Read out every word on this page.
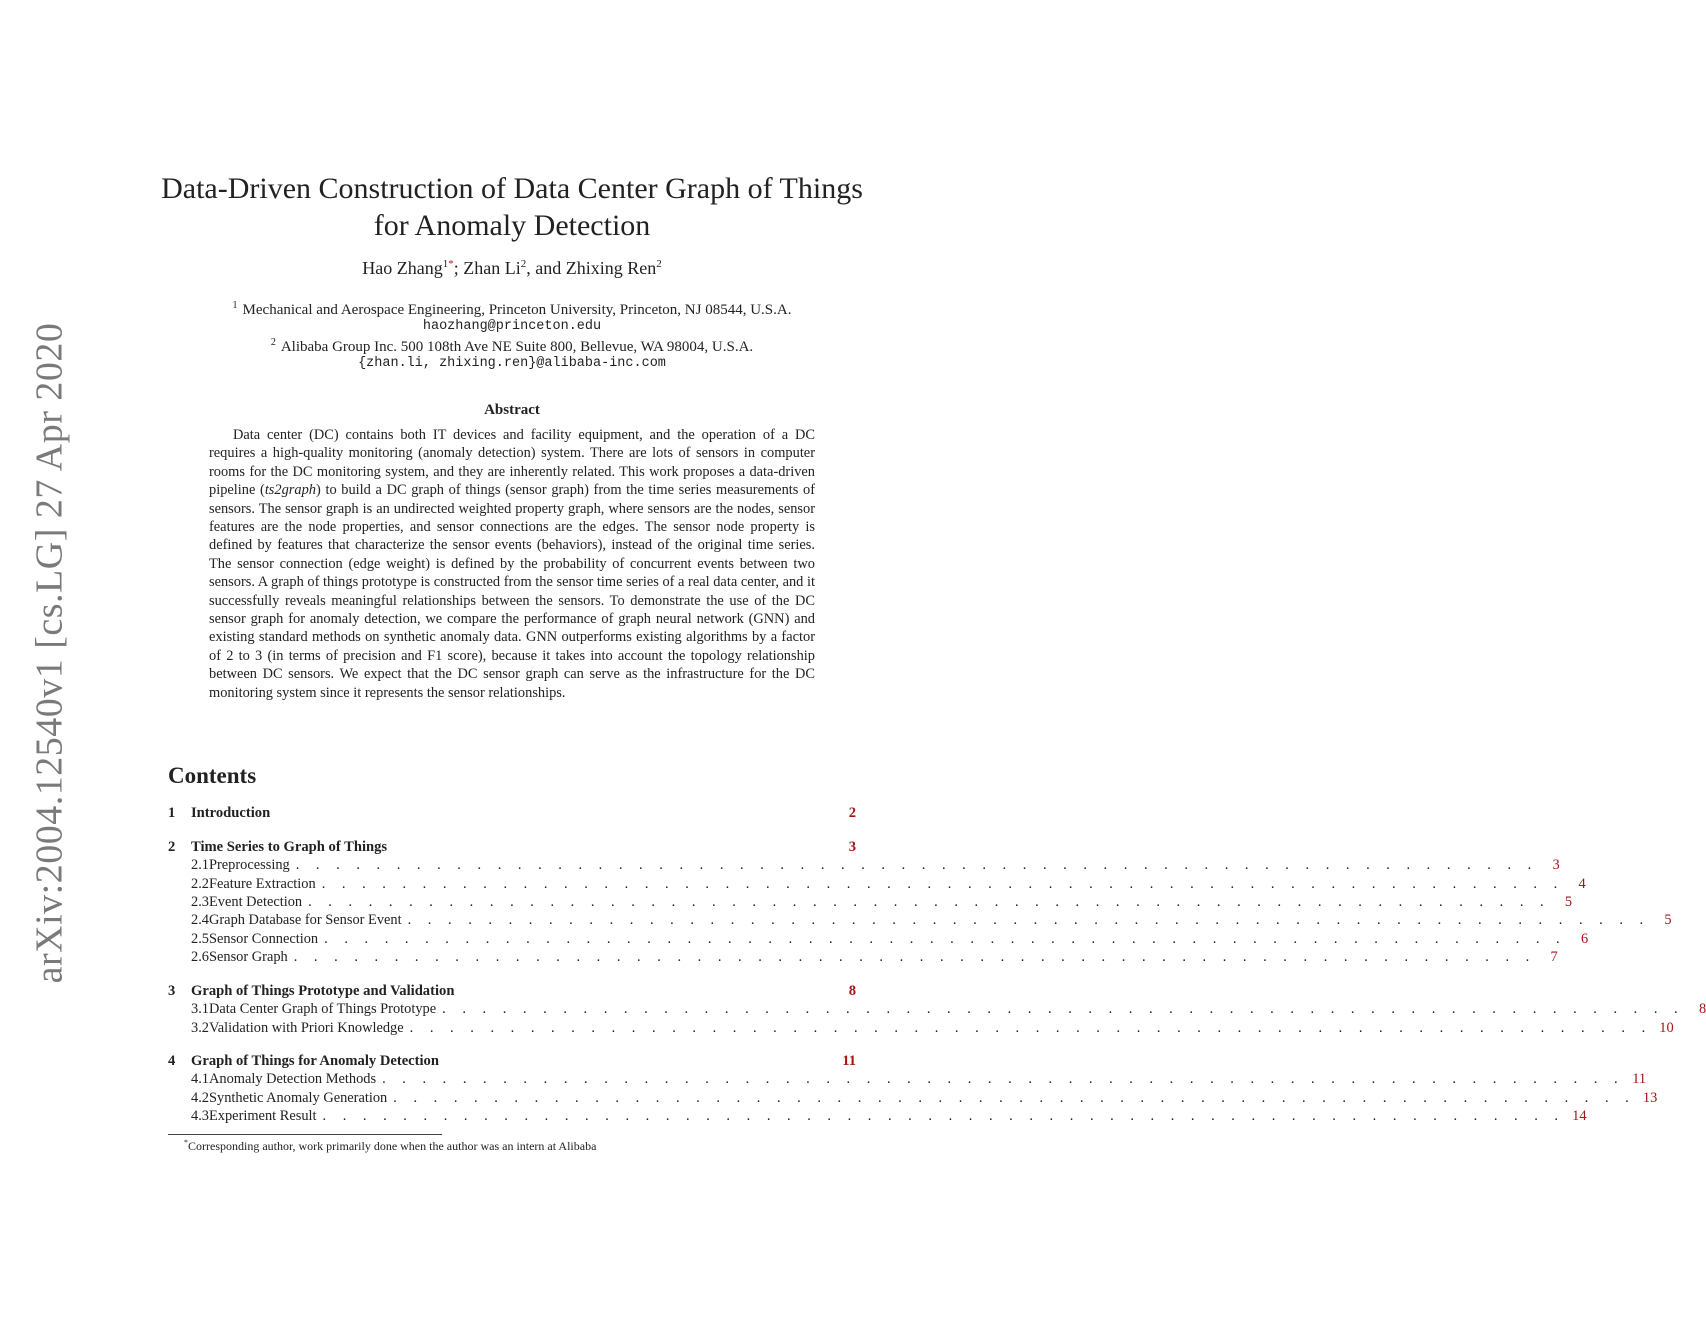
arXiv:2004.12540v1 [cs.LG] 27 Apr 2020
Data-Driven Construction of Data Center Graph of Things
for Anomaly Detection
Hao Zhang$^{1*}$; Zhan Li$^2$, and Zhixing Ren$^2$
$^1$ Mechanical and Aerospace Engineering, Princeton University, Princeton, NJ 08544, U.S.A.
haozhang@princeton.edu
$^2$ Alibaba Group Inc. 500 108th Ave NE Suite 800, Bellevue, WA 98004, U.S.A.
{zhan.li, zhixing.ren}@alibaba-inc.com
Abstract
Data center (DC) contains both IT devices and facility equipment, and the operation of a DC requires a high-quality monitoring (anomaly detection) system. There are lots of sensors in computer rooms for the DC monitoring system, and they are inherently related. This work proposes a data-driven pipeline (ts2graph) to build a DC graph of things (sensor graph) from the time series measurements of sensors. The sensor graph is an undirected weighted property graph, where sensors are the nodes, sensor features are the node properties, and sensor connections are the edges. The sensor node property is defined by features that characterize the sensor events (behaviors), instead of the original time series. The sensor connection (edge weight) is defined by the probability of concurrent events between two sensors. A graph of things prototype is constructed from the sensor time series of a real data center, and it successfully reveals meaningful relationships between the sensors. To demonstrate the use of the DC sensor graph for anomaly detection, we compare the performance of graph neural network (GNN) and existing standard methods on synthetic anomaly data. GNN outperforms existing algorithms by a factor of 2 to 3 (in terms of precision and F1 score), because it takes into account the topology relationship between DC sensors. We expect that the DC sensor graph can serve as the infrastructure for the DC monitoring system since it represents the sensor relationships.
Contents
1	Introduction	2
2	Time Series to Graph of Things	3
2.1 Preprocessing . . . . . . . . . . . . . . . . . . . . . . . . . . . . . . . . . . . . . . . . . . . . . . . . . . . . . . . . . . . . . .	3
2.2 Feature Extraction . . . . . . . . . . . . . . . . . . . . . . . . . . . . . . . . . . . . . . . . . . . . . . . . . . . . . . . . . . . . . .	4
2.3 Event Detection . . . . . . . . . . . . . . . . . . . . . . . . . . . . . . . . . . . . . . . . . . . . . . . . . . . . . . . . . . . . . .	5
2.4 Graph Database for Sensor Event . . . . . . . . . . . . . . . . . . . . . . . . . . . . . . . . . . . . . . . . . . . . . . . . . . . . . . . . . . . . . .	5
2.5 Sensor Connection . . . . . . . . . . . . . . . . . . . . . . . . . . . . . . . . . . . . . . . . . . . . . . . . . . . . . . . . . . . . . .	6
2.6 Sensor Graph . . . . . . . . . . . . . . . . . . . . . . . . . . . . . . . . . . . . . . . . . . . . . . . . . . . . . . . . . . . . . .	7
3	Graph of Things Prototype and Validation	8
3.1 Data Center Graph of Things Prototype . . . . . . . . . . . . . . . . . . . . . . . . . . . . . . . . . . . . . . . . . . . . . . . . . . . . . . . . . . . . . .	8
3.2 Validation with Priori Knowledge . . . . . . . . . . . . . . . . . . . . . . . . . . . . . . . . . . . . . . . . . . . . . . . . . . . . . . . . . . . . . . 10
4	Graph of Things for Anomaly Detection	11
4.1 Anomaly Detection Methods . . . . . . . . . . . . . . . . . . . . . . . . . . . . . . . . . . . . . . . . . . . . . . . . . . . . . . . . . . . . . . 11
4.2 Synthetic Anomaly Generation . . . . . . . . . . . . . . . . . . . . . . . . . . . . . . . . . . . . . . . . . . . . . . . . . . . . . . . . . . . . . . 13
4.3 Experiment Result . . . . . . . . . . . . . . . . . . . . . . . . . . . . . . . . . . . . . . . . . . . . . . . . . . . . . . . . . . . . . . 14
*Corresponding author, work primarily done when the author was an intern at Alibaba
